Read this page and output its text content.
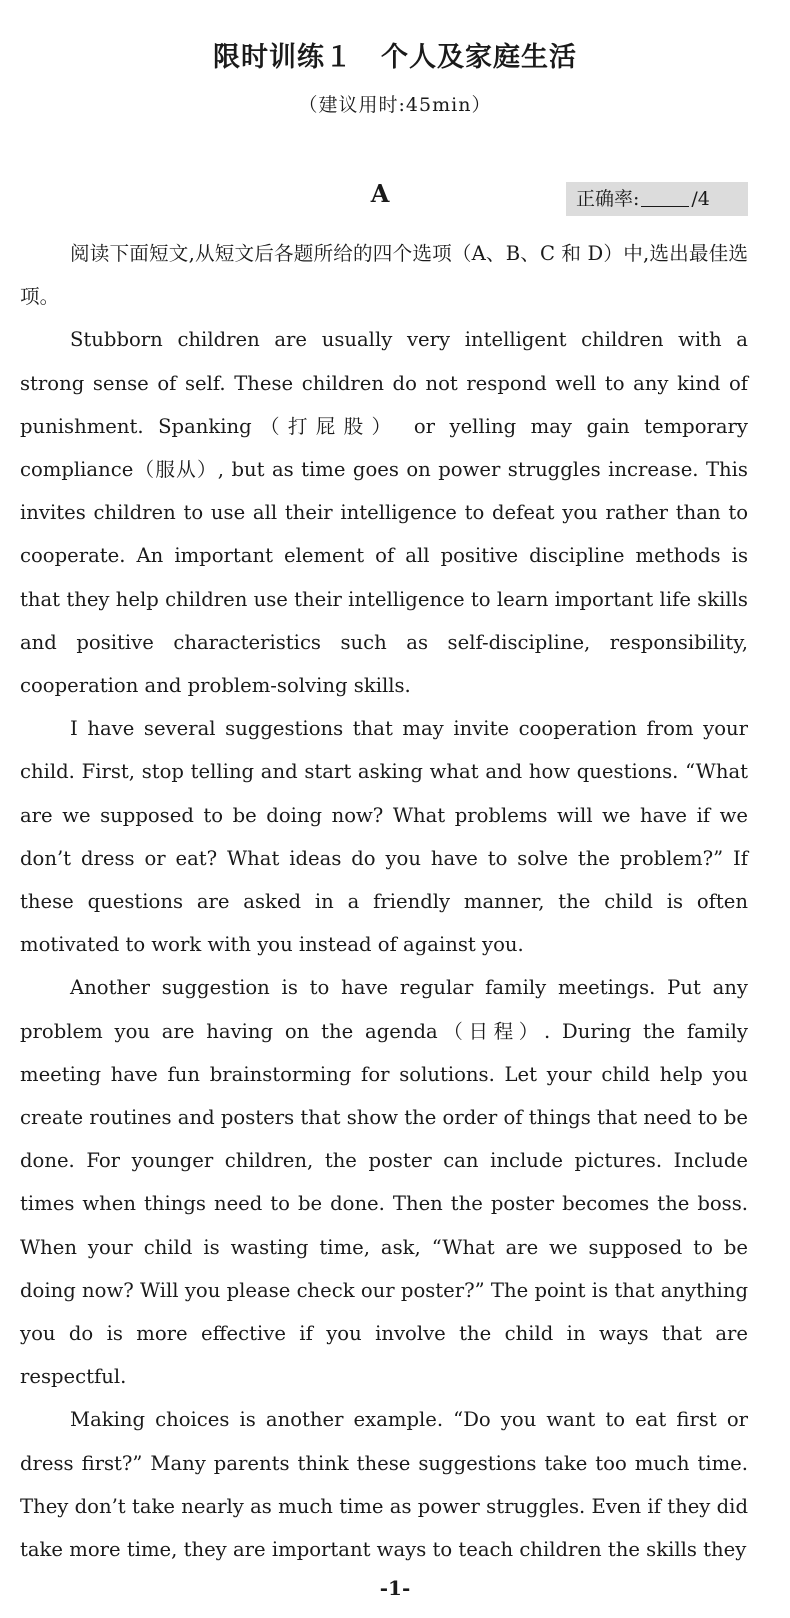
限时训练１　个人及家庭生活
（建议用时:45min）
A	正确率:	/4

阅读下面短文,从短文后各题所给的四个选项（A、B、C 和 D）中,选出最佳选项。

Stubborn children are usually very intelligent children with a strong sense of self. These children do not respond well to any kind of punishment. Spanking（打屁股） or yelling may gain temporary compliance（服从）, but as time goes on power struggles increase. This invites children to use all their intelligence to defeat you rather than to cooperate. An important element of all positive discipline methods is that they help children use their intelligence to learn important life skills and positive characteristics such as self-discipline, responsibility, cooperation and problem-solving skills.

I have several suggestions that may invite cooperation from your child. First, stop telling and start asking what and how questions. “What are we supposed to be doing now? What problems will we have if we don’t dress or eat? What ideas do you have to solve the problem?” If these questions are asked in a friendly manner, the child is often motivated to work with you instead of against you.

Another suggestion is to have regular family meetings. Put any problem you are having on the agenda（日程）. During the family meeting have fun brainstorming for solutions. Let your child help you create routines and posters that show the order of things that need to be done. For younger children, the poster can include pictures. Include times when things need to be done. Then the poster becomes the boss. When your child is wasting time, ask, “What are we supposed to be doing now? Will you please check our poster?” The point is that anything you do is more effective if you involve the child in ways that are respectful.

Making choices is another example. “Do you want to eat first or dress first?” Many parents think these suggestions take too much time. They don’t take nearly as much time as power struggles. Even if they did take more time, they are important ways to teach children the skills they

-1-
